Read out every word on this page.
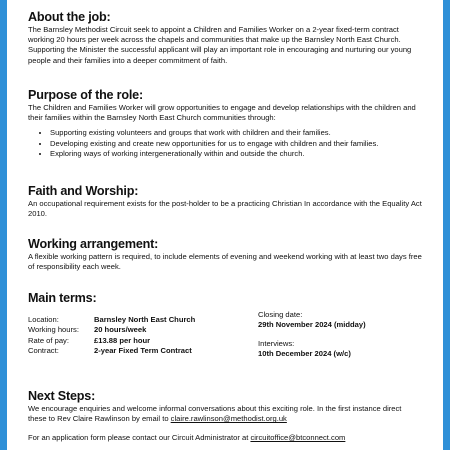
About the job:

The Barnsley Methodist Circuit seek to appoint a Children and Families Worker on a 2-year fixed-term contract working 20 hours per week across the chapels and communities that make up the Barnsley North East Church. Supporting the Minister the successful applicant will play an important role in encouraging and nurturing our young people and their families into a deeper commitment of faith.

Purpose of the role:

The Children and Families Worker will grow opportunities to engage and develop relationships with the children and their families within the Barnsley North East Church communities through:

• Supporting existing volunteers and groups that work with children and their families.
• Developing existing and create new opportunities for us to engage with children and their families.
• Exploring ways of working intergenerationally within and outside the church.
Faith and Worship:

An occupational requirement exists for the post-holder to be a practicing Christian In accordance with the Equality Act 2010.

Working arrangement:

A flexible working pattern is required, to include elements of evening and weekend working with at least two days free of responsibility each week.

Main terms:
Location:
Working hours:
Rate of pay:
Contract:
Barnsley North East Church
20 hours/week
£13.88 per hour
2-year Fixed Term Contract
Closing date:
29th November 2024 (midday)
Interviews:
10th December 2024 (w/c)
Next Steps:

We encourage enquiries and welcome informal conversations about this exciting role. In the first instance direct these to Rev Claire Rawlinson by email to claire.rawlinson@methodist.org.uk

For an application form please contact our Circuit Administrator at circuitoffice@btconnect.com
